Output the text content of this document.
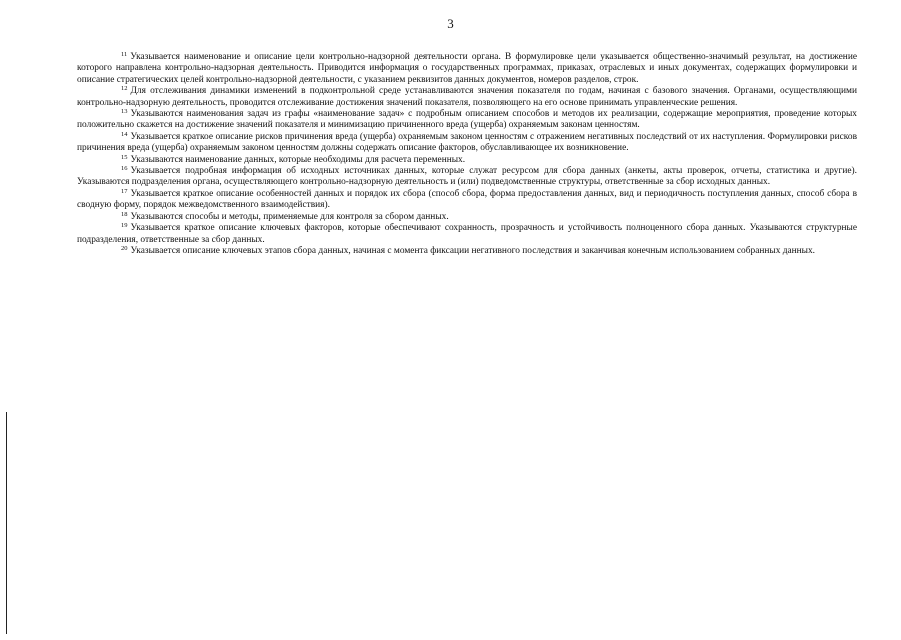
3

$^{11}$ Указывается наименование и описание цели контрольно-надзорной деятельности органа. В формулировке цели указывается общественно-значимый результат, на достижение которого направлена контрольно-надзорная деятельность. Приводится информация о государственных программах, приказах, отраслевых и иных документах, содержащих формулировки и описание стратегических целей контрольно-надзорной деятельности, с указанием реквизитов данных документов, номеров разделов, строк.

$^{12}$ Для отслеживания динамики изменений в подконтрольной среде устанавливаются значения показателя по годам, начиная с базового значения. Органами, осуществляющими контрольно-надзорную деятельность, проводится отслеживание достижения значений показателя, позволяющего на его основе принимать управленческие решения.

$^{13}$ Указываются наименования задач из графы «наименование задач» с подробным описанием способов и методов их реализации, содержащие мероприятия, проведение которых положительно скажется на достижение значений показателя и минимизацию причиненного вреда (ущерба) охраняемым законам ценностям.

$^{14}$ Указывается краткое описание рисков причинения вреда (ущерба) охраняемым законом ценностям с отражением негативных последствий от их наступления. Формулировки рисков причинения вреда (ущерба) охраняемым законом ценностям должны содержать описание факторов, обуславливающее их возникновение.

$^{15}$ Указываются наименование данных, которые необходимы для расчета переменных.

$^{16}$ Указывается подробная информация об исходных источниках данных, которые служат ресурсом для сбора данных (анкеты, акты проверок, отчеты, статистика и другие). Указываются подразделения органа, осуществляющего контрольно-надзорную деятельность и (или) подведомственные структуры, ответственные за сбор исходных данных.

$^{17}$ Указывается краткое описание особенностей данных и порядок их сбора (способ сбора, форма предоставления данных, вид и периодичность поступления данных, способ сбора в сводную форму, порядок межведомственного взаимодействия).

$^{18}$ Указываются способы и методы, применяемые для контроля за сбором данных.

$^{19}$ Указывается краткое описание ключевых факторов, которые обеспечивают сохранность, прозрачность и устойчивость полноценного сбора данных. Указываются структурные подразделения, ответственные за сбор данных.

$^{20}$ Указывается описание ключевых этапов сбора данных, начиная с момента фиксации негативного последствия и заканчивая конечным использованием собранных данных.
